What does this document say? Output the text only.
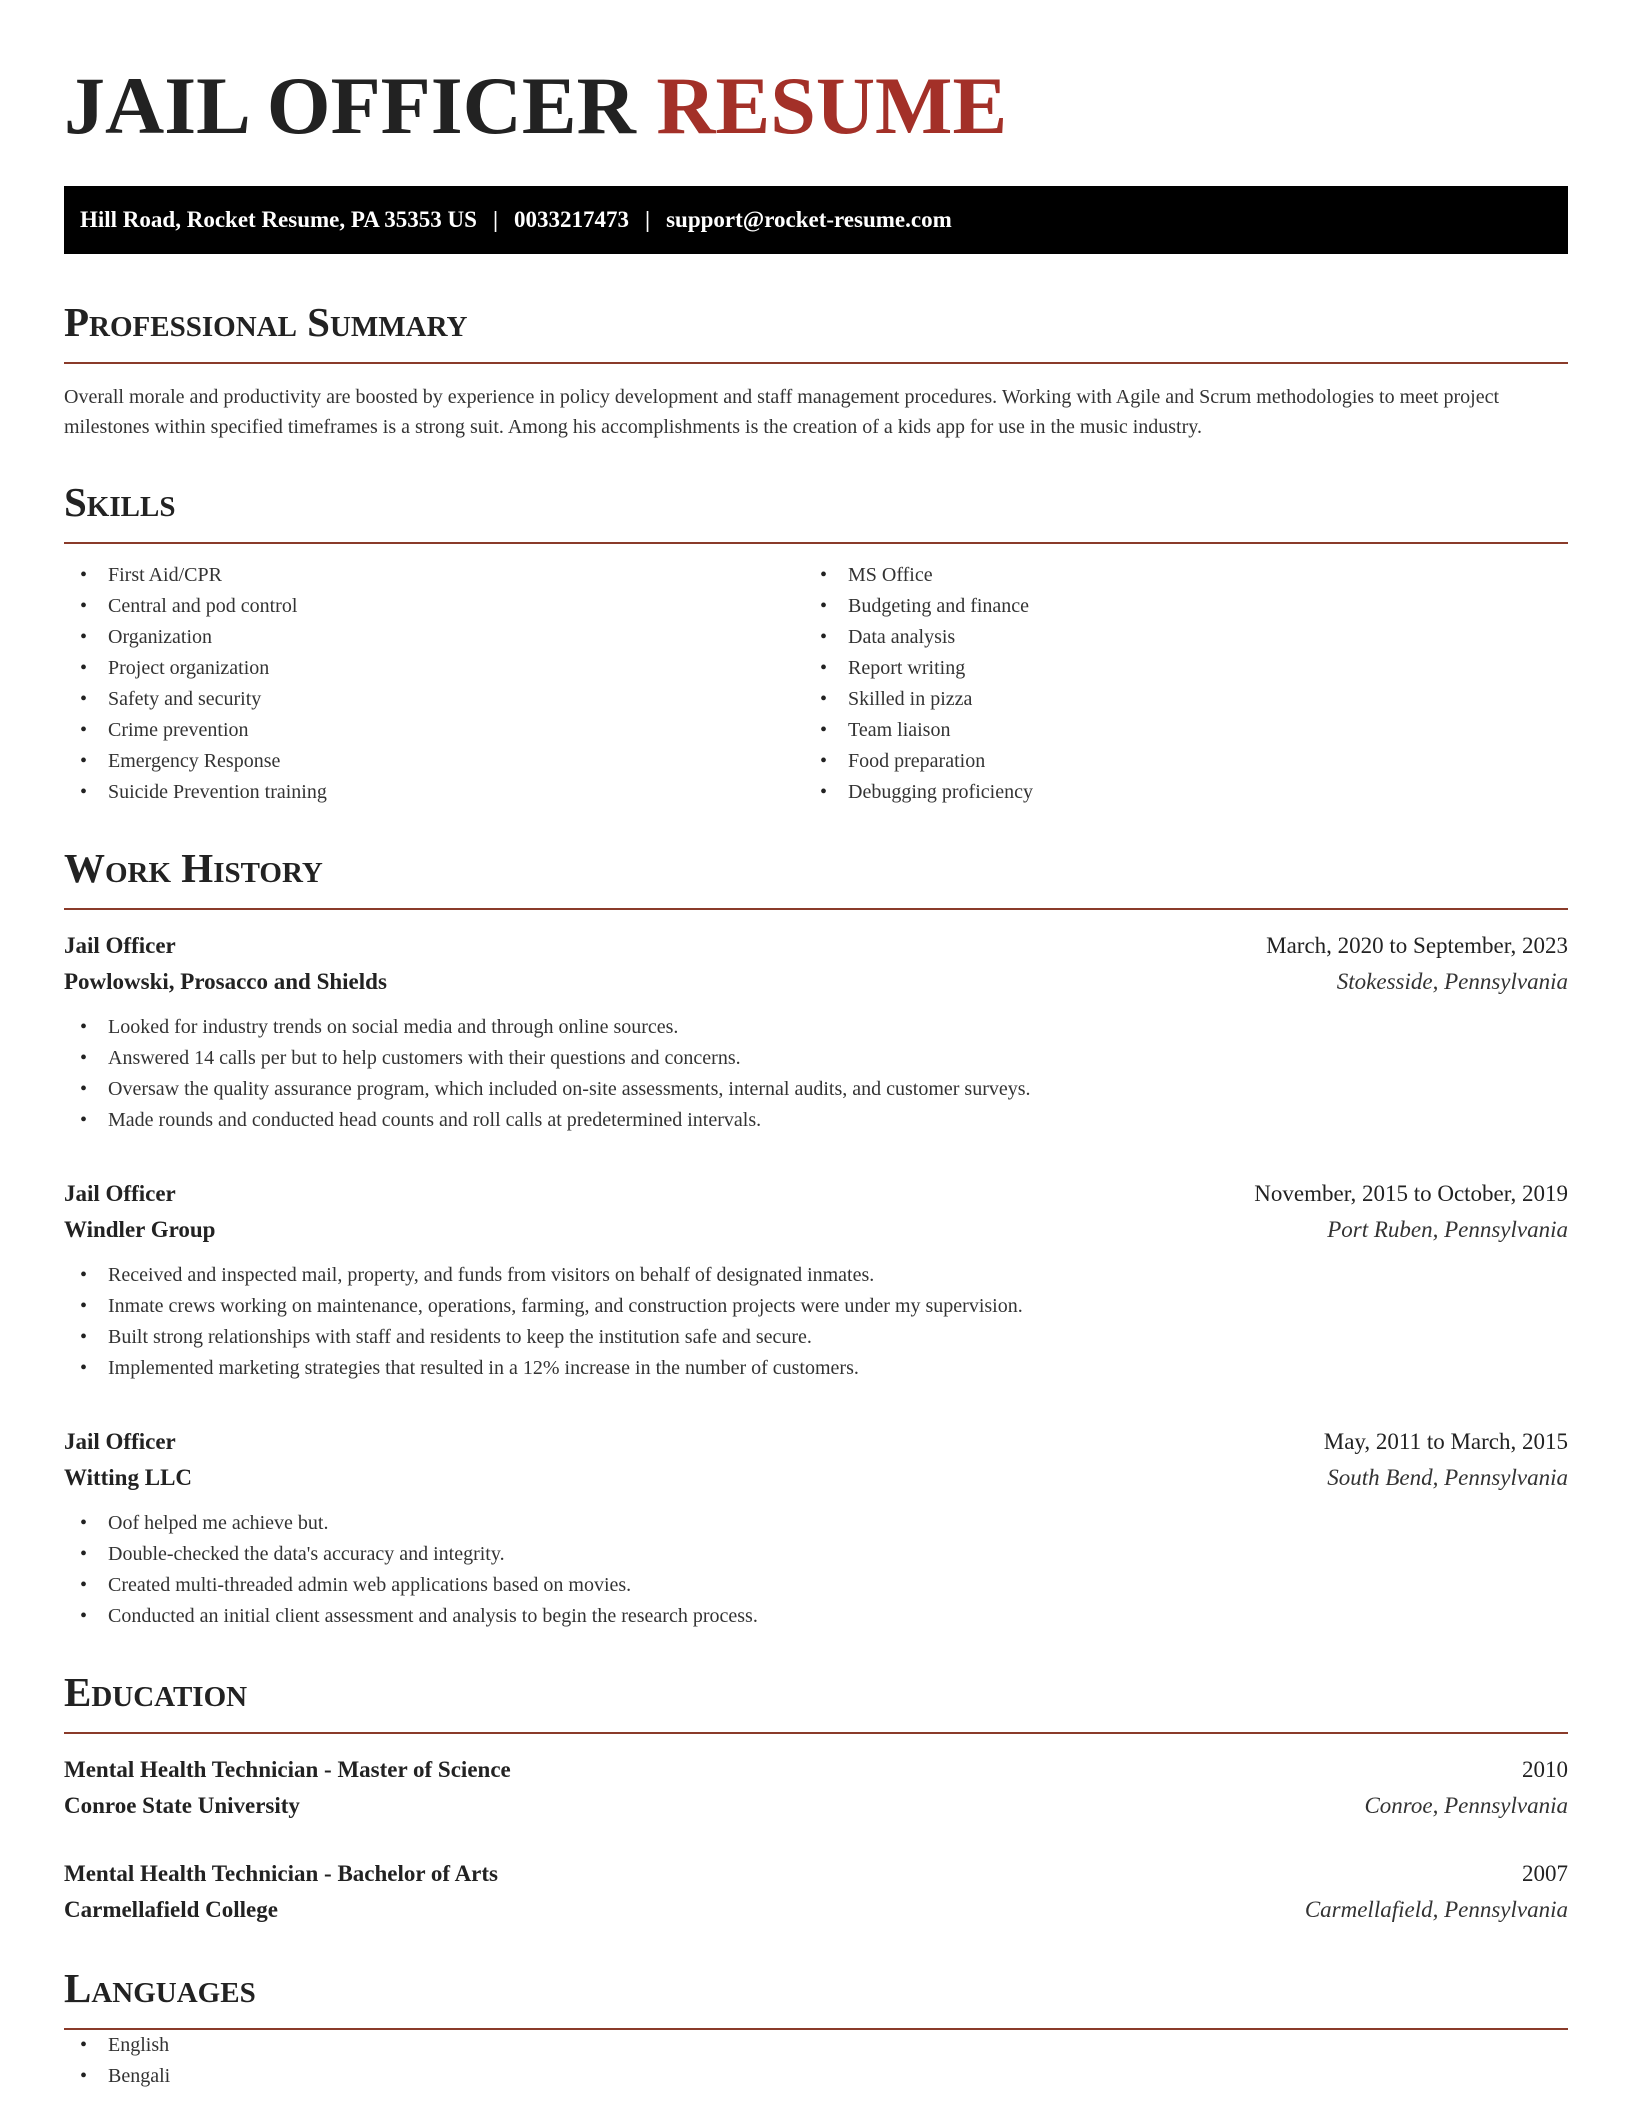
JAIL OFFICER RESUME
Hill Road, Rocket Resume, PA 35353 US | 0033217473 | support@rocket-resume.com
Professional Summary

Overall morale and productivity are boosted by experience in policy development and staff management procedures. Working with Agile and Scrum methodologies to meet project milestones within specified timeframes is a strong suit. Among his accomplishments is the creation of a kids app for use in the music industry.

Skills
• First Aid/CPR
• Central and pod control
• Organization
• Project organization
• Safety and security
• Crime prevention
• Emergency Response
• Suicide Prevention training
• MS Office
• Budgeting and finance
• Data analysis
• Report writing
• Skilled in pizza
• Team liaison
• Food preparation
• Debugging proficiency
Work History
Jail Officer	March, 2020 to September, 2023
Powlowski, Prosacco and Shields	Stokesside, Pennsylvania
• Looked for industry trends on social media and through online sources.
• Answered 14 calls per but to help customers with their questions and concerns.
• Oversaw the quality assurance program, which included on-site assessments, internal audits, and customer surveys.
• Made rounds and conducted head counts and roll calls at predetermined intervals.
Jail Officer	November, 2015 to October, 2019
Windler Group	Port Ruben, Pennsylvania
• Received and inspected mail, property, and funds from visitors on behalf of designated inmates.
• Inmate crews working on maintenance, operations, farming, and construction projects were under my supervision.
• Built strong relationships with staff and residents to keep the institution safe and secure.
• Implemented marketing strategies that resulted in a 12% increase in the number of customers.
Jail Officer	May, 2011 to March, 2015
Witting LLC	South Bend, Pennsylvania
• Oof helped me achieve but.
• Double-checked the data's accuracy and integrity.
• Created multi-threaded admin web applications based on movies.
• Conducted an initial client assessment and analysis to begin the research process.
Education
Mental Health Technician - Master of Science	2010
Conroe State University	Conroe, Pennsylvania
Mental Health Technician - Bachelor of Arts	2007
Carmellafield College	Carmellafield, Pennsylvania
Languages
• English
• Bengali
